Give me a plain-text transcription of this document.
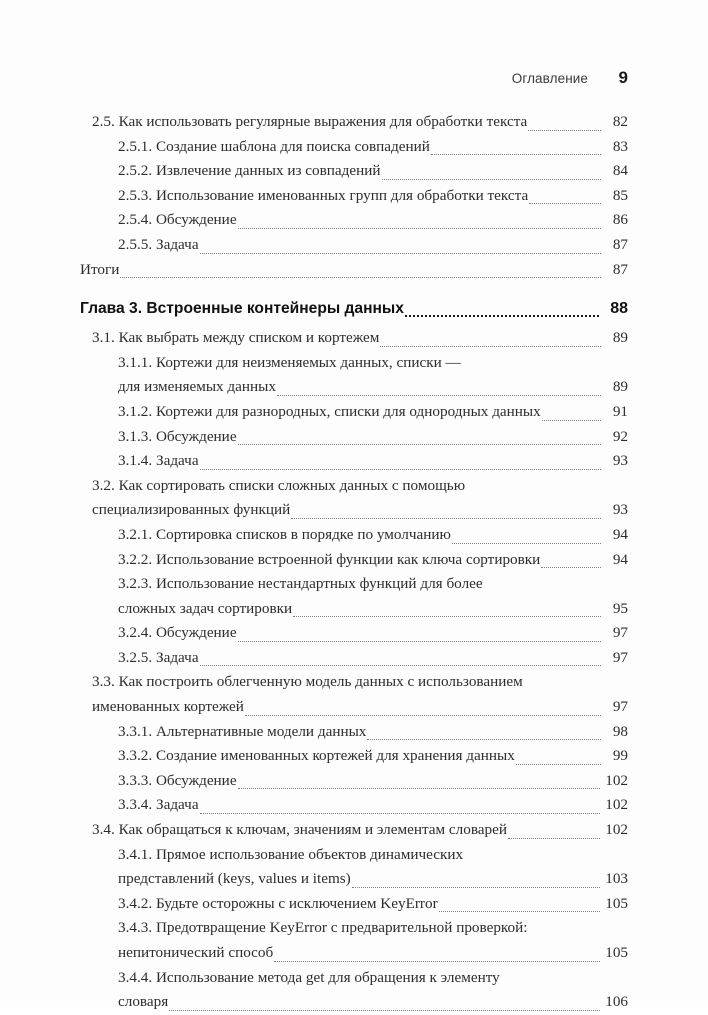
Оглавление	9
2.5. Как использовать регулярные выражения для обработки текста	82
2.5.1. Создание шаблона для поиска совпадений	83
2.5.2. Извлечение данных из совпадений	84
2.5.3. Использование именованных групп для обработки текста	85
2.5.4. Обсуждение	86
2.5.5. Задача	87
Итоги	87
Глава 3. Встроенные контейнеры данных	88
3.1. Как выбрать между списком и кортежем	89
3.1.1. Кортежи для неизменяемых данных, списки —
для изменяемых данных	89
3.1.2. Кортежи для разнородных, списки для однородных данных	91
3.1.3. Обсуждение	92
3.1.4. Задача	93
3.2. Как сортировать списки сложных данных с помощью
специализированных функций	93
3.2.1. Сортировка списков в порядке по умолчанию	94
3.2.2. Использование встроенной функции как ключа сортировки	94
3.2.3. Использование нестандартных функций для более
сложных задач сортировки	95
3.2.4. Обсуждение	97
3.2.5. Задача	97
3.3. Как построить облегченную модель данных с использованием
именованных кортежей	97
3.3.1. Альтернативные модели данных	98
3.3.2. Создание именованных кортежей для хранения данных	99
3.3.3. Обсуждение	102
3.3.4. Задача	102
3.4. Как обращаться к ключам, значениям и элементам словарей	102
3.4.1. Прямое использование объектов динамических
представлений (keys, values и items)	103
3.4.2. Будьте осторожны с исключением KeyError	105
3.4.3. Предотвращение KeyError с предварительной проверкой:
непитонический способ	105
3.4.4. Использование метода get для обращения к элементу
словаря	106
